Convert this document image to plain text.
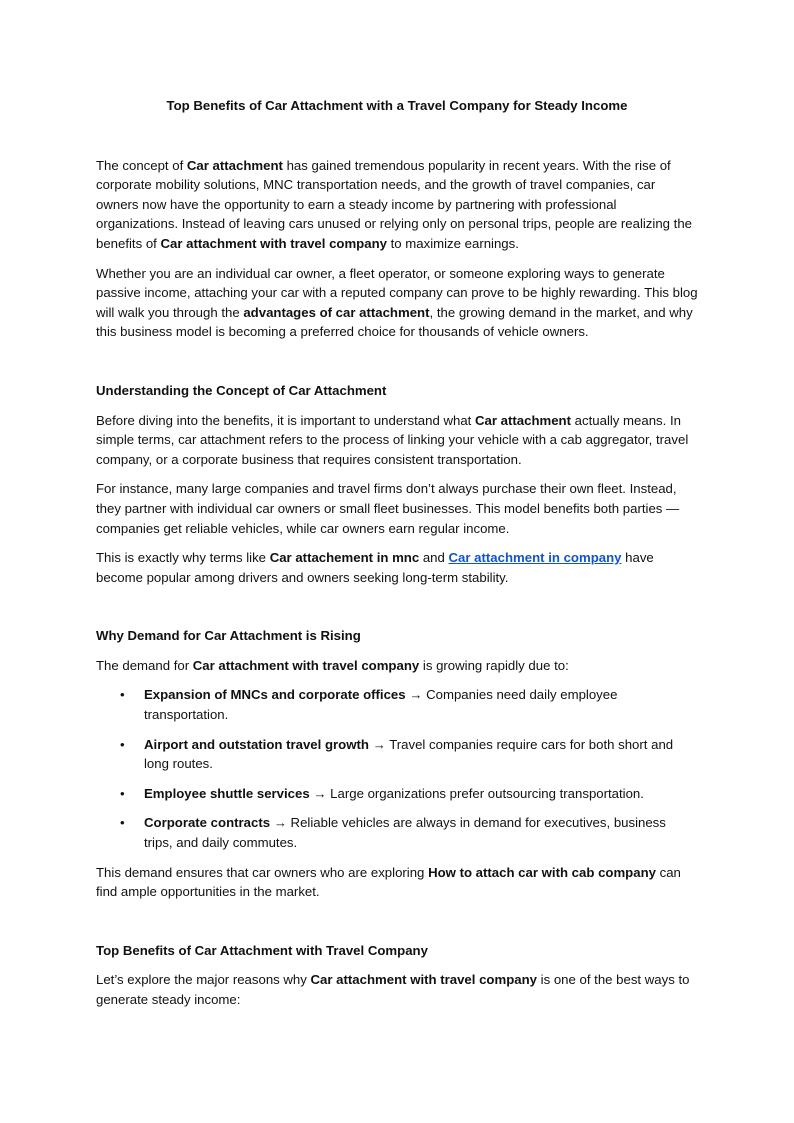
Top Benefits of Car Attachment with a Travel Company for Steady Income

The concept of Car attachment has gained tremendous popularity in recent years. With the rise of corporate mobility solutions, MNC transportation needs, and the growth of travel companies, car owners now have the opportunity to earn a steady income by partnering with professional organizations. Instead of leaving cars unused or relying only on personal trips, people are realizing the benefits of Car attachment with travel company to maximize earnings.

Whether you are an individual car owner, a fleet operator, or someone exploring ways to generate passive income, attaching your car with a reputed company can prove to be highly rewarding. This blog will walk you through the advantages of car attachment, the growing demand in the market, and why this business model is becoming a preferred choice for thousands of vehicle owners.

Understanding the Concept of Car Attachment

Before diving into the benefits, it is important to understand what Car attachment actually means. In simple terms, car attachment refers to the process of linking your vehicle with a cab aggregator, travel company, or a corporate business that requires consistent transportation.

For instance, many large companies and travel firms don’t always purchase their own fleet. Instead, they partner with individual car owners or small fleet businesses. This model benefits both parties — companies get reliable vehicles, while car owners earn regular income.

This is exactly why terms like Car attachement in mnc and Car attachment in company have become popular among drivers and owners seeking long-term stability.

Why Demand for Car Attachment is Rising

The demand for Car attachment with travel company is growing rapidly due to:

• Expansion of MNCs and corporate offices → Companies need daily employee transportation.
• Airport and outstation travel growth → Travel companies require cars for both short and long routes.
• Employee shuttle services → Large organizations prefer outsourcing transportation.
• Corporate contracts → Reliable vehicles are always in demand for executives, business trips, and daily commutes.

This demand ensures that car owners who are exploring How to attach car with cab company can find ample opportunities in the market.

Top Benefits of Car Attachment with Travel Company

Let’s explore the major reasons why Car attachment with travel company is one of the best ways to generate steady income:
